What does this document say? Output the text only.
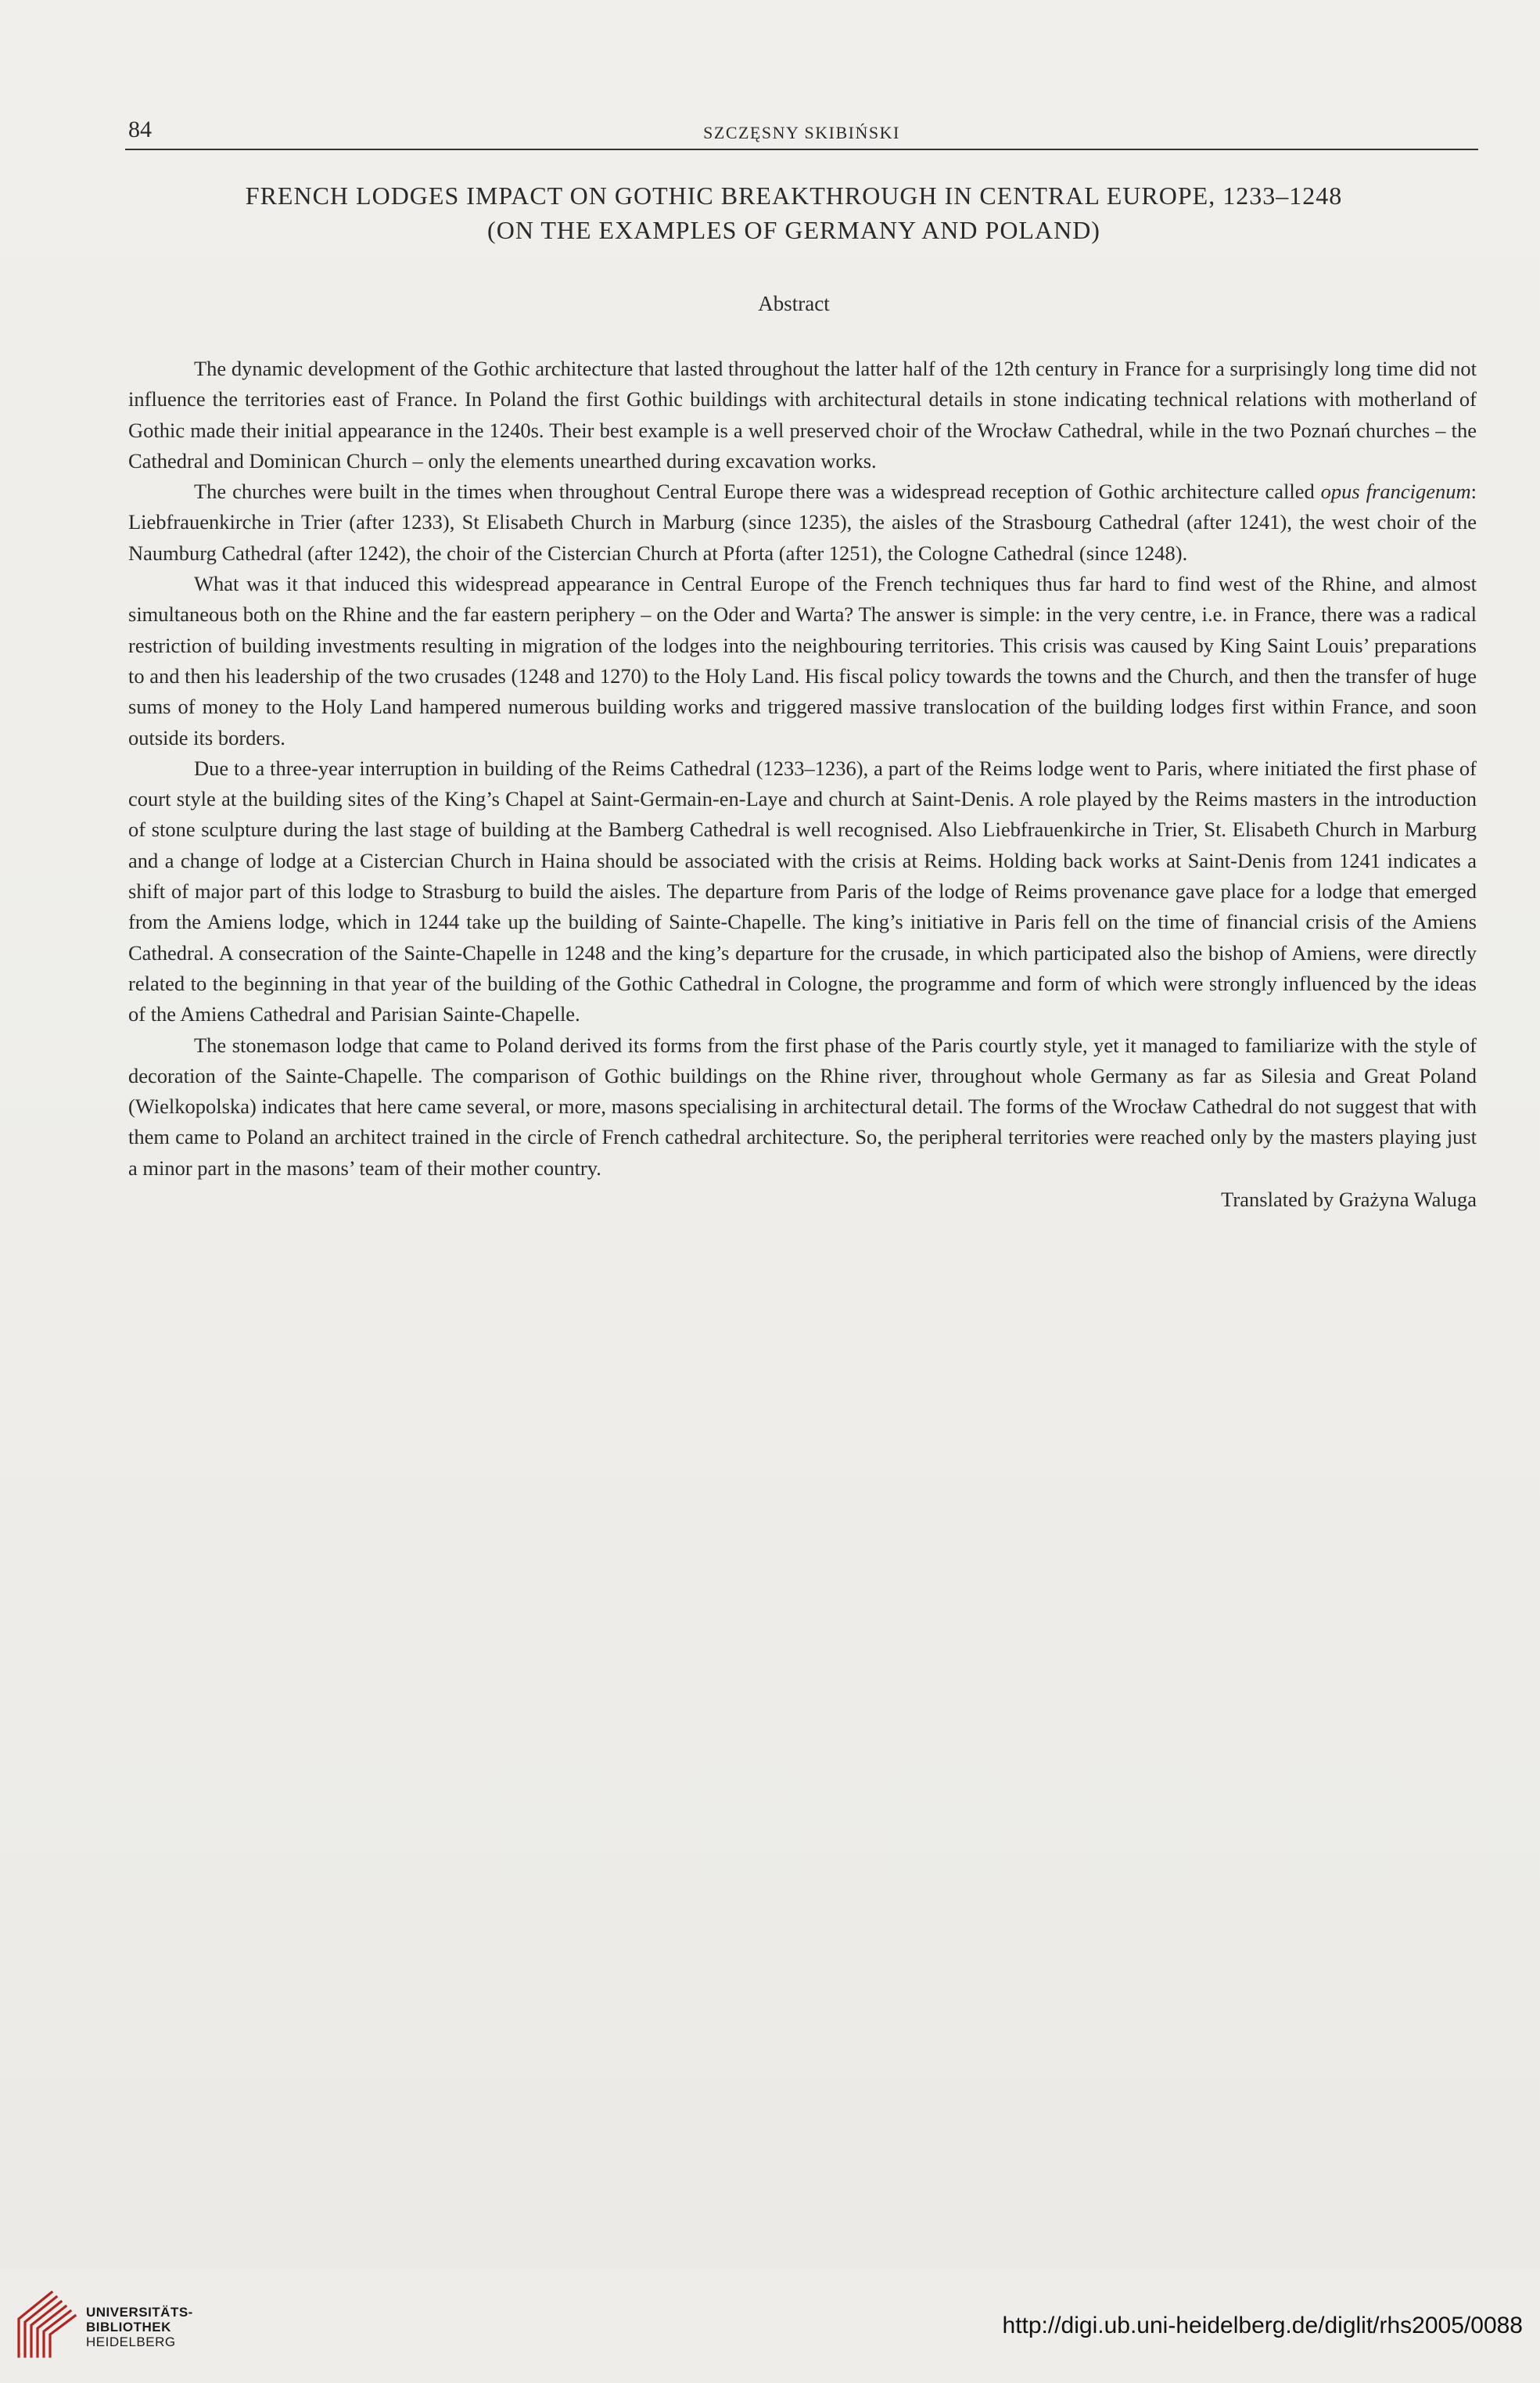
84	SZCZĘSNY SKIBIŃSKI
FRENCH LODGES IMPACT ON GOTHIC BREAKTHROUGH IN CENTRAL EUROPE, 1233–1248
(ON THE EXAMPLES OF GERMANY AND POLAND)
Abstract

The dynamic development of the Gothic architecture that lasted throughout the latter half of the 12th century in France for a surprisingly long time did not influence the territories east of France. In Poland the first Gothic buildings with architectural details in stone indicating technical relations with motherland of Gothic made their initial appearance in the 1240s. Their best example is a well preserved choir of the Wrocław Cathedral, while in the two Poznań churches – the Cathedral and Dominican Church – only the elements unearthed during excavation works.

The churches were built in the times when throughout Central Europe there was a widespread reception of Gothic architecture called opus francigenum: Liebfrauenkirche in Trier (after 1233), St Elisabeth Church in Marburg (since 1235), the aisles of the Strasbourg Cathedral (after 1241), the west choir of the Naumburg Cathedral (after 1242), the choir of the Cistercian Church at Pforta (after 1251), the Cologne Cathedral (since 1248).

What was it that induced this widespread appearance in Central Europe of the French techniques thus far hard to find west of the Rhine, and almost simultaneous both on the Rhine and the far eastern periphery – on the Oder and Warta? The answer is simple: in the very centre, i.e. in France, there was a radical restriction of building investments resulting in migration of the lodges into the neighbouring territories. This crisis was caused by King Saint Louis’ preparations to and then his leadership of the two crusades (1248 and 1270) to the Holy Land. His fiscal policy towards the towns and the Church, and then the transfer of huge sums of money to the Holy Land hampered numerous building works and triggered massive translocation of the building lodges first within France, and soon outside its borders.

Due to a three-year interruption in building of the Reims Cathedral (1233–1236), a part of the Reims lodge went to Paris, where initiated the first phase of court style at the building sites of the King’s Chapel at Saint-Germain-en-Laye and church at Saint-Denis. A role played by the Reims masters in the introduction of stone sculpture during the last stage of building at the Bamberg Cathedral is well recognised. Also Liebfrauenkirche in Trier, St. Elisabeth Church in Marburg and a change of lodge at a Cistercian Church in Haina should be associated with the crisis at Reims. Holding back works at Saint-Denis from 1241 indicates a shift of major part of this lodge to Strasburg to build the aisles. The departure from Paris of the lodge of Reims provenance gave place for a lodge that emerged from the Amiens lodge, which in 1244 take up the building of Sainte-Chapelle. The king’s initiative in Paris fell on the time of financial crisis of the Amiens Cathedral. A consecration of the Sainte-Chapelle in 1248 and the king’s departure for the crusade, in which participated also the bishop of Amiens, were directly related to the beginning in that year of the building of the Gothic Cathedral in Cologne, the programme and form of which were strongly influenced by the ideas of the Amiens Cathedral and Parisian Sainte-Chapelle.

The stonemason lodge that came to Poland derived its forms from the first phase of the Paris courtly style, yet it managed to familiarize with the style of decoration of the Sainte-Chapelle. The comparison of Gothic buildings on the Rhine river, throughout whole Germany as far as Silesia and Great Poland (Wielkopolska) indicates that here came several, or more, masons specialising in architectural detail. The forms of the Wrocław Cathedral do not suggest that with them came to Poland an architect trained in the circle of French cathedral architecture. So, the peripheral territories were reached only by the masters playing just a minor part in the masons’ team of their mother country.

Translated by Grażyna Waluga

UNIVERSITÄTS-
BIBLIOTHEK
HEIDELBERG
http://digi.ub.uni-heidelberg.de/diglit/rhs2005/0088
